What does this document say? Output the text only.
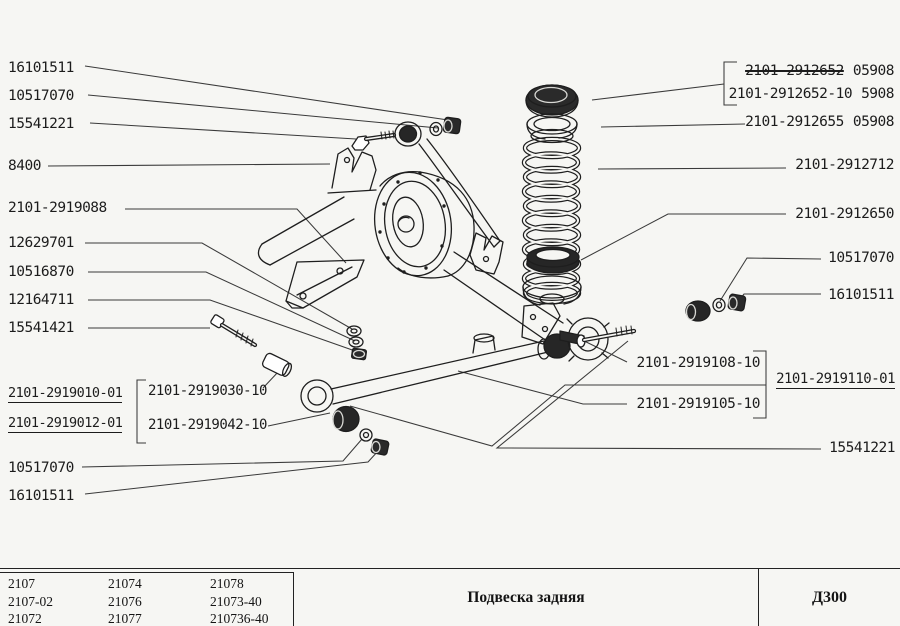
16101511
10517070
15541221
8400
2101-2919088
12629701
10516870
12164711
15541421
2101-2919010-01 2101-2919030-10
2101-2919012-01 2101-2919042-10
10517070
16101511
2101-2912652 05908
2101-2912652-10 5908
2101-2912655 05908
2101-2912712
2101-2912650
10517070
16101511
2101-2919108-10
2101-2919110-01
2101-2919105-10
15541221
2107	21074	21078
2107-02	21076	21073-40
21072	21077	210736-40
Подвеска задняя	Д300
